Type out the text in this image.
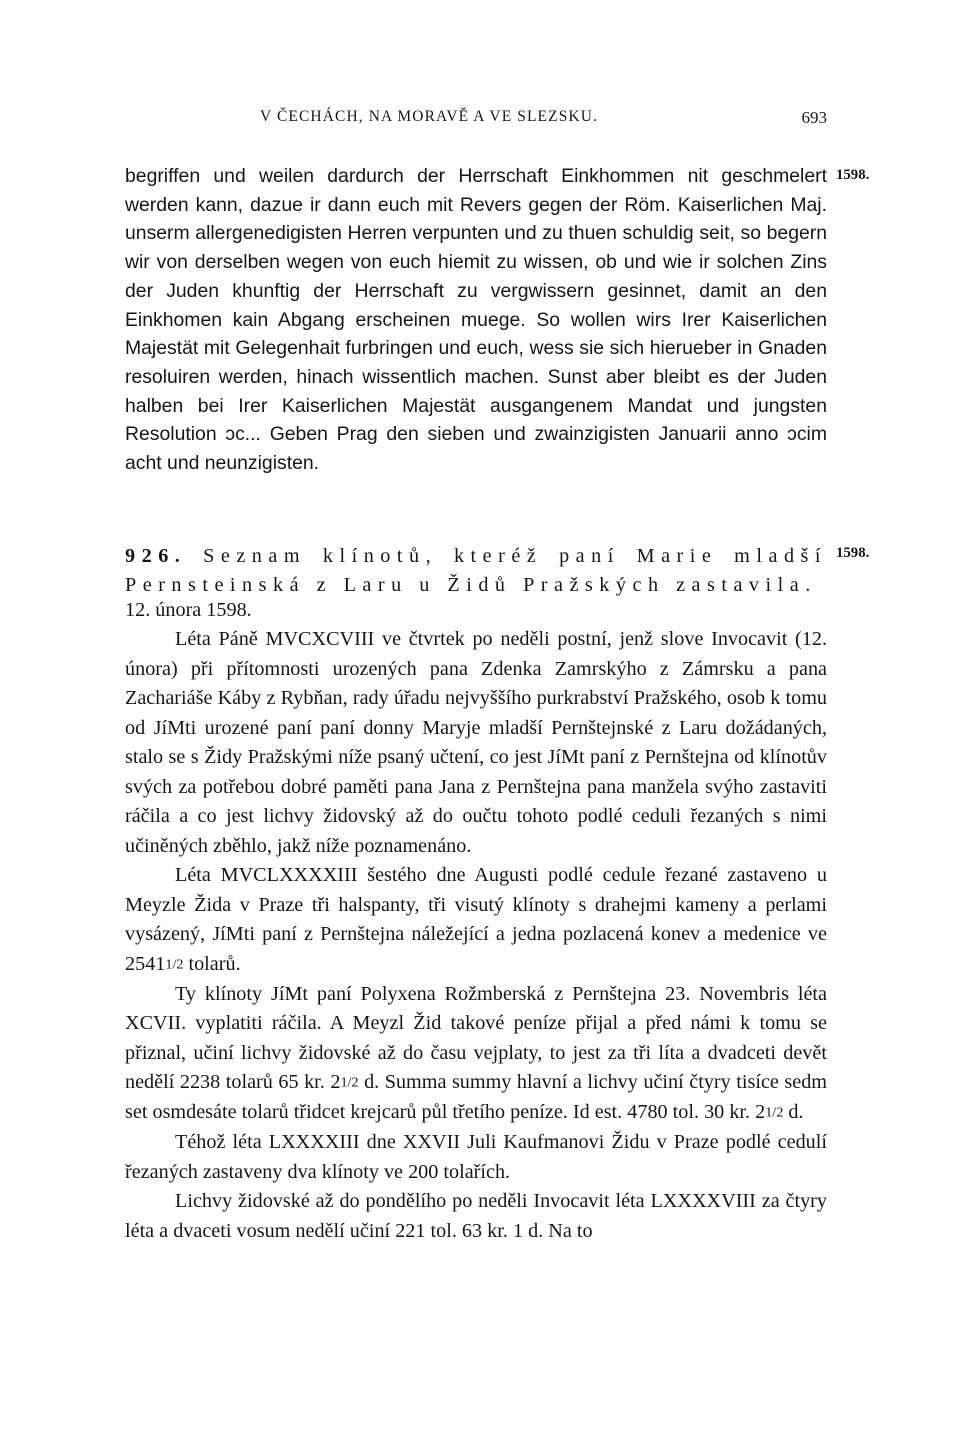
V ČECHÁCH, NA MORAVĚ A VE SLEZSKU.	693
1598.
1598.
begriffen und weilen dardurch der Herrschaft Einkhommen nit geschmelert werden kann, dazue ir dann euch mit Revers gegen der Röm. Kaiserlichen Maj. unserm allergenedigisten Herren verpunten und zu thuen schuldig seit, so begern wir von derselben wegen von euch hiemit zu wissen, ob und wie ir solchen Zins der Juden khunftig der Herrschaft zu vergwissern gesinnet, damit an den Einkhomen kain Abgang erscheinen muege. So wollen wirs Irer Kaiserlichen Majestät mit Gelegenhait furbringen und euch, wess sie sich hierueber in Gnaden resoluiren werden, hinach wissentlich machen. Sunst aber bleibt es der Juden halben bei Irer Kaiserlichen Majestät ausgangenem Mandat und jungsten Resolution ɔc... Geben Prag den sieben und zwainzigisten Januarii anno ɔcim acht und neunzigisten.
926. Seznam klínotů, kteréž paní Marie mladší Pernsteinská z Laru u Židů Pražských zastavila.
12. února 1598.

Léta Páně MVCXCVIII ve čtvrtek po neděli postní, jenž slove Invocavit (12. února) při přítomnosti urozených pana Zdenka Zamrskýho z Zámrsku a pana Zachariáše Káby z Rybňan, rady úřadu nejvyššího purkrabství Pražského, osob k tomu od JíMti urozené paní paní donny Maryje mladší Pernštejnské z Laru dožádaných, stalo se s Židy Pražskými níže psaný učtení, co jest JíMt paní z Pernštejna od klínotův svých za potřebou dobré paměti pana Jana z Pernštejna pana manžela svýho zastaviti ráčila a co jest lichvy židovský až do oučtu tohoto podlé ceduli řezaných s nimi učiněných zběhlo, jakž níže poznamenáno.

Léta MVCLXXXXIII šestého dne Augusti podlé cedule řezané zastaveno u Meyzle Žida v Praze tři halspanty, tři visutý klínoty s drahejmi kameny a perlami vysázený, JíMti paní z Pernštejna náležející a jedna pozlacená konev a medenice ve 25411/2 tolarů.

Ty klínoty JíMt paní Polyxena Rožmberská z Pernštejna 23. Novembris léta XCVII. vyplatiti ráčila. A Meyzl Žid takové peníze přijal a před námi k tomu se přiznal, učiní lichvy židovské až do času vejplaty, to jest za tři líta a dvadceti devět nedělí 2238 tolarů 65 kr. 21/2 d. Summa summy hlavní a lichvy učiní čtyry tisíce sedm set osmdesáte tolarů třidcet krejcarů půl třetího peníze. Id est. 4780 tol. 30 kr. 21/2 d.

Téhož léta LXXXXIII dne XXVII Juli Kaufmanovi Židu v Praze podlé cedulí řezaných zastaveny dva klínoty ve 200 tolařích.

Lichvy židovské až do pondělího po neděli Invocavit léta LXXXXVIII za čtyry léta a dvaceti vosum nedělí učiní 221 tol. 63 kr. 1 d. Na to
